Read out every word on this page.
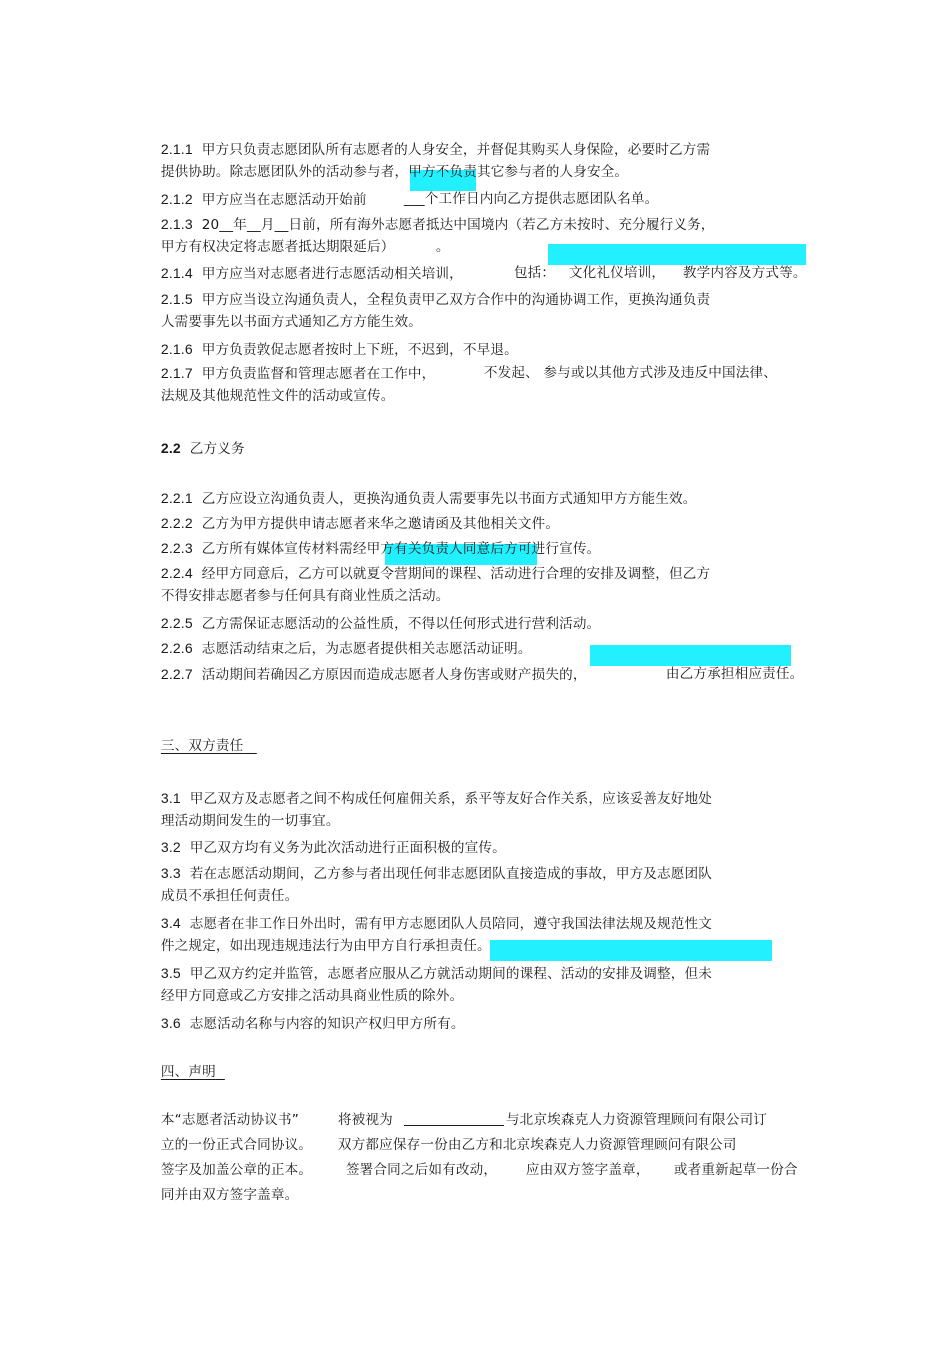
2.1.1 甲方只负责志愿团队所有志愿者的人身安全，并督促其购买人身保险，必要时乙方需

提供协助。除志愿团队外的活动参与者，甲方不负责其它参与者的人身安全。

2.1.2 甲方应当在志愿活动开始前
	___个工作日内向乙方提供志愿团队名单。

2.1.3 20__年__月__日前，所有海外志愿者抵达中国境内（若乙方未按时、充分履行义务，

甲方有权决定将志愿者抵达期限延后）
	。

2.1.4 甲方应当对志愿者进行志愿活动相关培训，
	包括：
	文化礼仪培训，
	教学内容及方式等。

2.1.5 甲方应当设立沟通负责人，全程负责甲乙双方合作中的沟通协调工作，更换沟通负责

人需要事先以书面方式通知乙方方能生效。

2.1.6 甲方负责敦促志愿者按时上下班，不迟到，不早退。

2.1.7 甲方负责监督和管理志愿者在工作中，
	不发起、 参与或以其他方式涉及违反中国法律、

法规及其他规范性文件的活动或宣传。

2.2 乙方义务

2.2.1 乙方应设立沟通负责人，更换沟通负责人需要事先以书面方式通知甲方方能生效。

2.2.2 乙方为甲方提供申请志愿者来华之邀请函及其他相关文件。

2.2.3 乙方所有媒体宣传材料需经甲方有关负责人同意后方可进行宣传。

2.2.4 经甲方同意后，乙方可以就夏令营期间的课程、活动进行合理的安排及调整，但乙方

不得安排志愿者参与任何具有商业性质之活动。

2.2.5 乙方需保证志愿活动的公益性质，不得以任何形式进行营利活动。

2.2.6 志愿活动结束之后，为志愿者提供相关志愿活动证明。

2.2.7 活动期间若确因乙方原因而造成志愿者人身伤害或财产损失的，
	由乙方承担相应责任。

三、双方责任

3.1 甲乙双方及志愿者之间不构成任何雇佣关系，系平等友好合作关系，应该妥善友好地处

理活动期间发生的一切事宜。

3.2 甲乙双方均有义务为此次活动进行正面积极的宣传。

3.3 若在志愿活动期间，乙方参与者出现任何非志愿团队直接造成的事故，甲方及志愿团队

成员不承担任何责任。

3.4 志愿者在非工作日外出时，需有甲方志愿团队人员陪同，遵守我国法律法规及规范性文

件之规定，如出现违规违法行为由甲方自行承担责任。

3.5 甲乙双方约定并监管，志愿者应服从乙方就活动期间的课程、活动的安排及调整，但未

经甲方同意或乙方安排之活动具商业性质的除外。

3.6 志愿活动名称与内容的知识产权归甲方所有。

四、声明

本“志愿者活动协议书”
	将被视为

	与北京埃森克人力资源管理顾问有限公司订

立的一份正式合同协议。
	双方都应保存一份由乙方和北京埃森克人力资源管理顾问有限公司

签字及加盖公章的正本。
	签署合同之后如有改动，
	应由双方签字盖章，
	或者重新起草一份合

同并由双方签字盖章。
